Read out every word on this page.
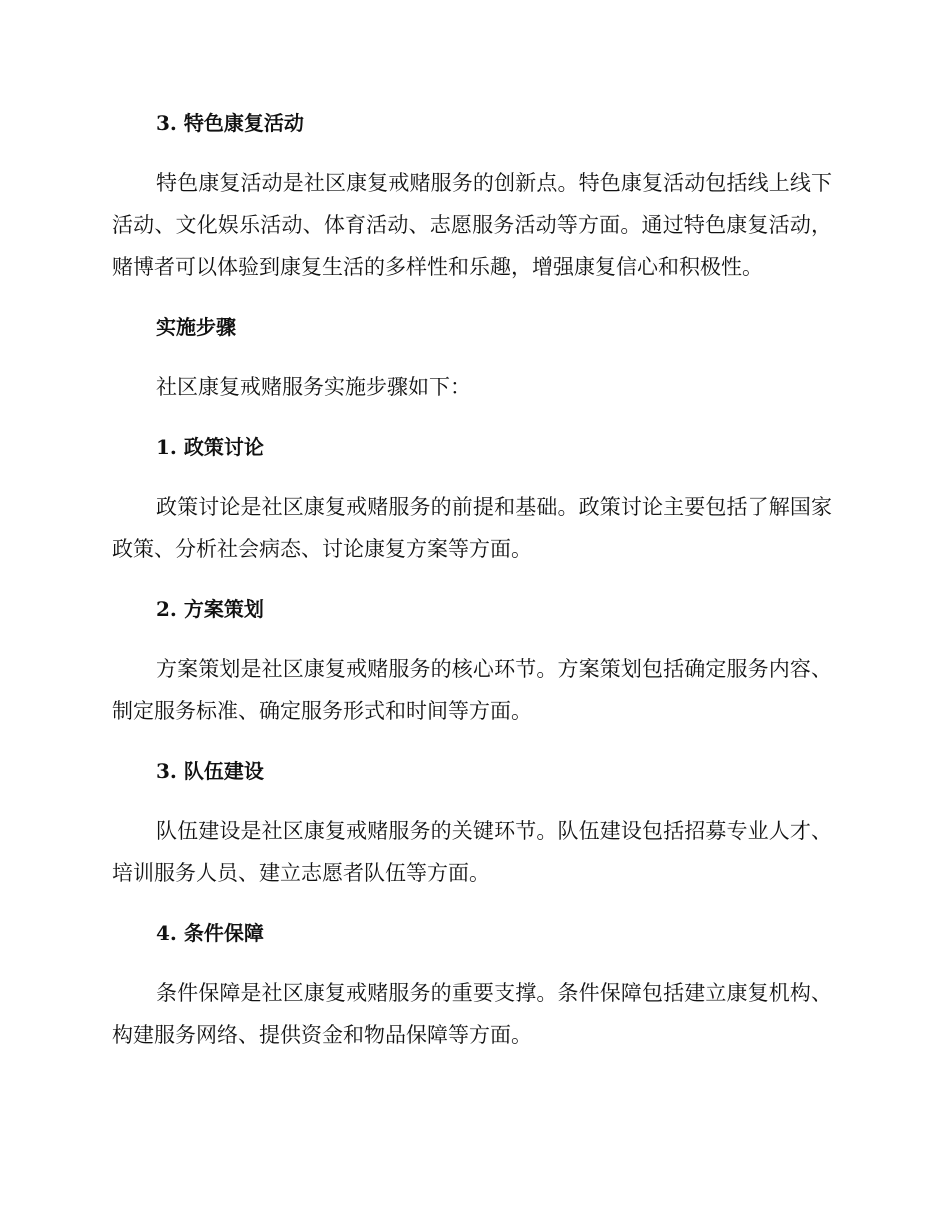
3. 特色康复活动

特色康复活动是社区康复戒赌服务的创新点。特色康复活动包括线上线下活动、文化娱乐活动、体育活动、志愿服务活动等方面。通过特色康复活动，赌博者可以体验到康复生活的多样性和乐趣，增强康复信心和积极性。

实施步骤

社区康复戒赌服务实施步骤如下：

1. 政策讨论

政策讨论是社区康复戒赌服务的前提和基础。政策讨论主要包括了解国家政策、分析社会病态、讨论康复方案等方面。

2. 方案策划

方案策划是社区康复戒赌服务的核心环节。方案策划包括确定服务内容、制定服务标准、确定服务形式和时间等方面。

3. 队伍建设

队伍建设是社区康复戒赌服务的关键环节。队伍建设包括招募专业人才、培训服务人员、建立志愿者队伍等方面。

4. 条件保障

条件保障是社区康复戒赌服务的重要支撑。条件保障包括建立康复机构、构建服务网络、提供资金和物品保障等方面。
